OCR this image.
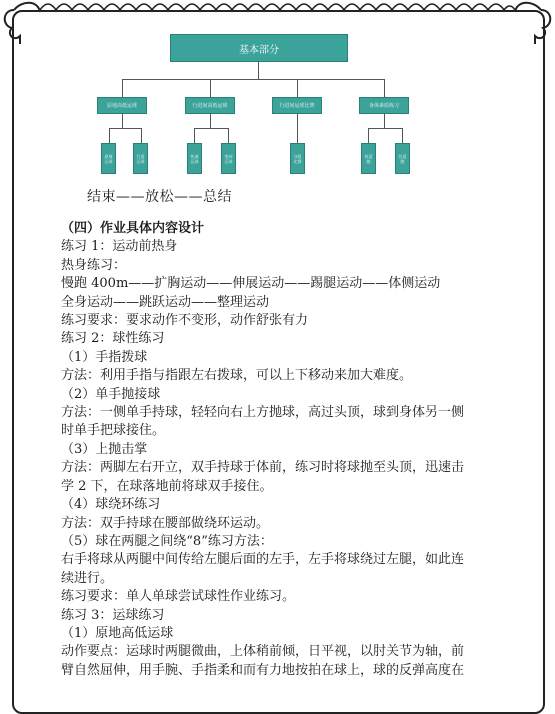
基本部分
原地高低运球	行进间高低运球	行进间运球比赛	身体素质练习
原地运球
行进运球
快速运球
变向运球
分组比赛
折返跑
往返跑
结束——放松——总结
（四）作业具体内容设计
练习 1：运动前热身
热身练习：
慢跑 400m——扩胸运动——伸展运动——踢腿运动——体侧运动
全身运动——跳跃运动——整理运动
练习要求：要求动作不变形，动作舒张有力
练习 2：球性练习
（1）手指拨球
方法：利用手指与指跟左右拨球，可以上下移动来加大难度。
（2）单手抛接球
方法：一侧单手持球，轻轻向右上方抛球，高过头顶，球到身体另一侧
时单手把球接住。
（3）上抛击掌
方法：两脚左右开立，双手持球于体前，练习时将球抛至头顶，迅速击
学 2 下，在球落地前将球双手接住。
（4）球绕环练习
方法：双手持球在腰部做绕环运动。
（5）球在两腿之间绕“8”练习方法：
右手将球从两腿中间传给左腿后面的左手，左手将球绕过左腿，如此连
续进行。
练习要求：单人单球尝试球性作业练习。
练习 3：运球练习
（1）原地高低运球
动作要点：运球时两腿微曲，上体稍前倾，日平视，以肘关节为轴，前
臂自然屈伸，用手腕、手指柔和而有力地按拍在球上，球的反弹高度在
